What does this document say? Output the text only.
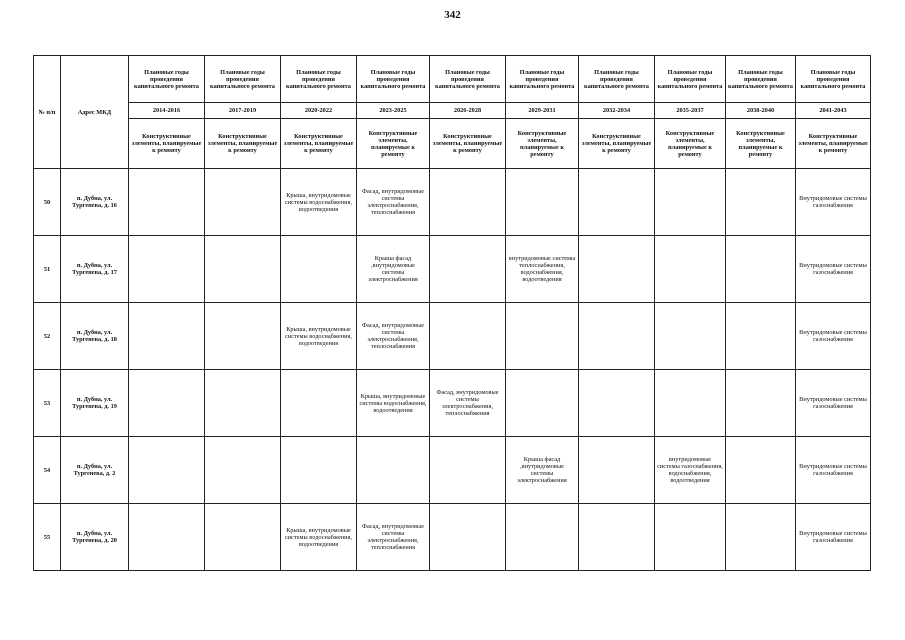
342
№ п/п	Адрес МКД	Плановые годы проведения капитального ремонта	Плановые годы проведения капитального ремонта	Плановые годы проведения капитального ремонта	Плановые годы проведения капитального ремонта	Плановые годы проведения капитального ремонта	Плановые годы проведения капитального ремонта	Плановые годы проведения капитального ремонта	Плановые годы проведения капитального ремонта	Плановые годы проведения капитального ремонта	Плановые годы проведения капитального ремонта
		2014-2016	2017-2019	2020-2022	2023-2025	2026-2028	2029-2031	2032-2034	2035-2037	2038-2040	2041-2043
		Конструктивные элементы, планируемые к ремонту	Конструктивные элементы, планируемые к ремонту	Конструктивные элементы, планируемые к ремонту	Конструктивные элементы, планируемые к ремонту	Конструктивные элементы, планируемые к ремонту	Конструктивные элементы, планируемые к ремонту	Конструктивные элементы, планируемые к ремонту	Конструктивные элементы, планируемые к ремонту	Конструктивные элементы, планируемые к ремонту	Конструктивные элементы, планируемые к ремонту
50	п. Дубна, ул. Тургенева, д. 16			Крыша, внутридомовые системы водоснабжения, водоотведения	Фасад, внутридомовые системы электроснабжения, теплоснабжения						Внутридомовые системы газоснабжения
51	п. Дубна, ул. Тургенева, д. 17				Крыша фасад ,внутридомовые системы электроснабжения		внутридомовые системы теплоснабжения, водоснабжения, водоотведения				Внутридомовые системы газоснабжения
52	п. Дубна, ул. Тургенева, д. 18			Крыша, внутридомовые системы водоснабжения, водоотведения	Фасад, внутридомовые системы электроснабжения, теплоснабжения						Внутридомовые системы газоснабжения
53	п. Дубна, ул. Тургенева, д. 19				Крыша, внутридомовые системы водоснабжения, водоотведения	Фасад, внутридомовые системы электроснабжения, теплоснабжения					Внутридомовые системы газоснабжения
54	п. Дубна, ул. Тургенева, д. 2						Крыша фасад ,внутридомовые системы электроснабжения		внутридомовые системы газоснабжения, водоснабжения, водоотведения		Внутридомовые системы газоснабжения
55	п. Дубна, ул. Тургенева, д. 20			Крыша, внутридомовые системы водоснабжения, водоотведения	Фасад, внутридомовые системы электроснабжения, теплоснабжения						Внутридомовые системы газоснабжения
